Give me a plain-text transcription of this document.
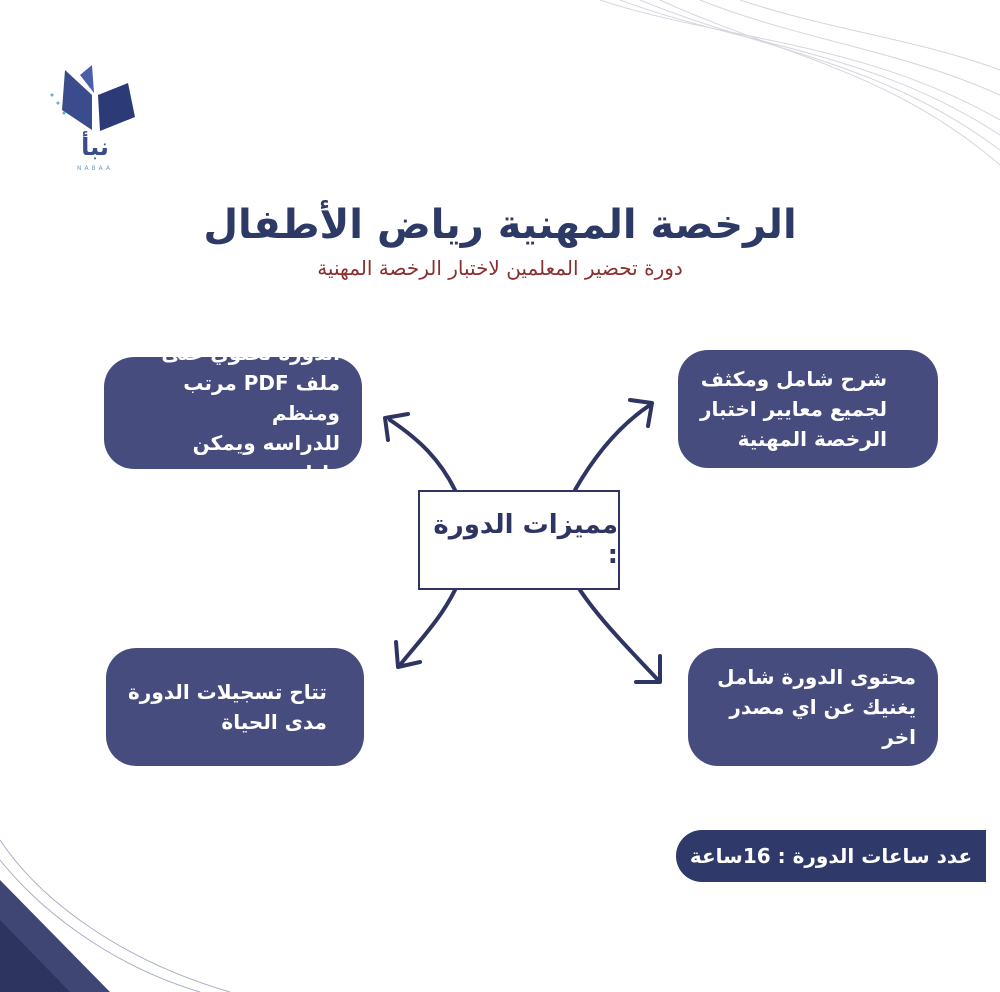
نبأ
NABAA
الرخصة المهنية رياض الأطفال
دورة تحضير المعلمين لاختبار الرخصة المهنية
مميزات الدورة :
شرح شامل ومكثف
لجميع معايير اختبار
الرخصة المهنية
الدورة تحتوي على
ملف PDF مرتب ومنظم
للدراسه ويمكن طباعته
محتوى الدورة شامل
يغنيك عن اي مصدر اخر
تتاح تسجيلات الدورة
مدى الحياة
عدد ساعات الدورة : 16ساعة
